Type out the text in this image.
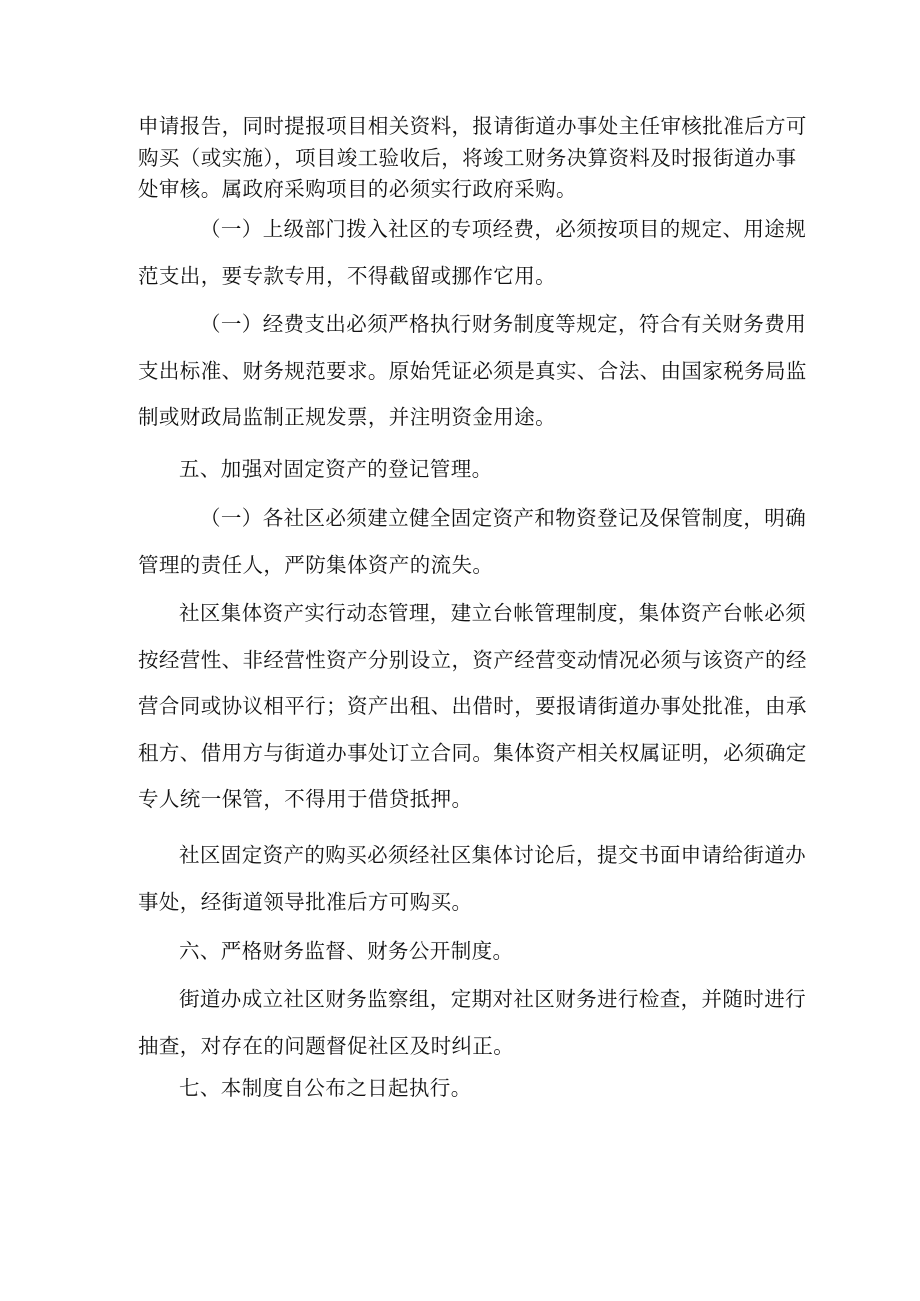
申请报告，同时提报项目相关资料，报请街道办事处主任审核批准后方可
购买（或实施），项目竣工验收后，将竣工财务决算资料及时报街道办事
处审核。属政府采购项目的必须实行政府采购。
（一）上级部门拨入社区的专项经费，必须按项目的规定、用途规
范支出，要专款专用，不得截留或挪作它用。
（一）经费支出必须严格执行财务制度等规定，符合有关财务费用
支出标准、财务规范要求。原始凭证必须是真实、合法、由国家税务局监
制或财政局监制正规发票，并注明资金用途。
五、加强对固定资产的登记管理。
（一）各社区必须建立健全固定资产和物资登记及保管制度，明确
管理的责任人，严防集体资产的流失。
社区集体资产实行动态管理，建立台帐管理制度，集体资产台帐必须
按经营性、非经营性资产分别设立，资产经营变动情况必须与该资产的经
营合同或协议相平行；资产出租、出借时，要报请街道办事处批准，由承
租方、借用方与街道办事处订立合同。集体资产相关权属证明，必须确定
专人统一保管，不得用于借贷抵押。
社区固定资产的购买必须经社区集体讨论后，提交书面申请给街道办
事处，经街道领导批准后方可购买。
六、严格财务监督、财务公开制度。
街道办成立社区财务监察组，定期对社区财务进行检查，并随时进行
抽查，对存在的问题督促社区及时纠正。
七、本制度自公布之日起执行。
